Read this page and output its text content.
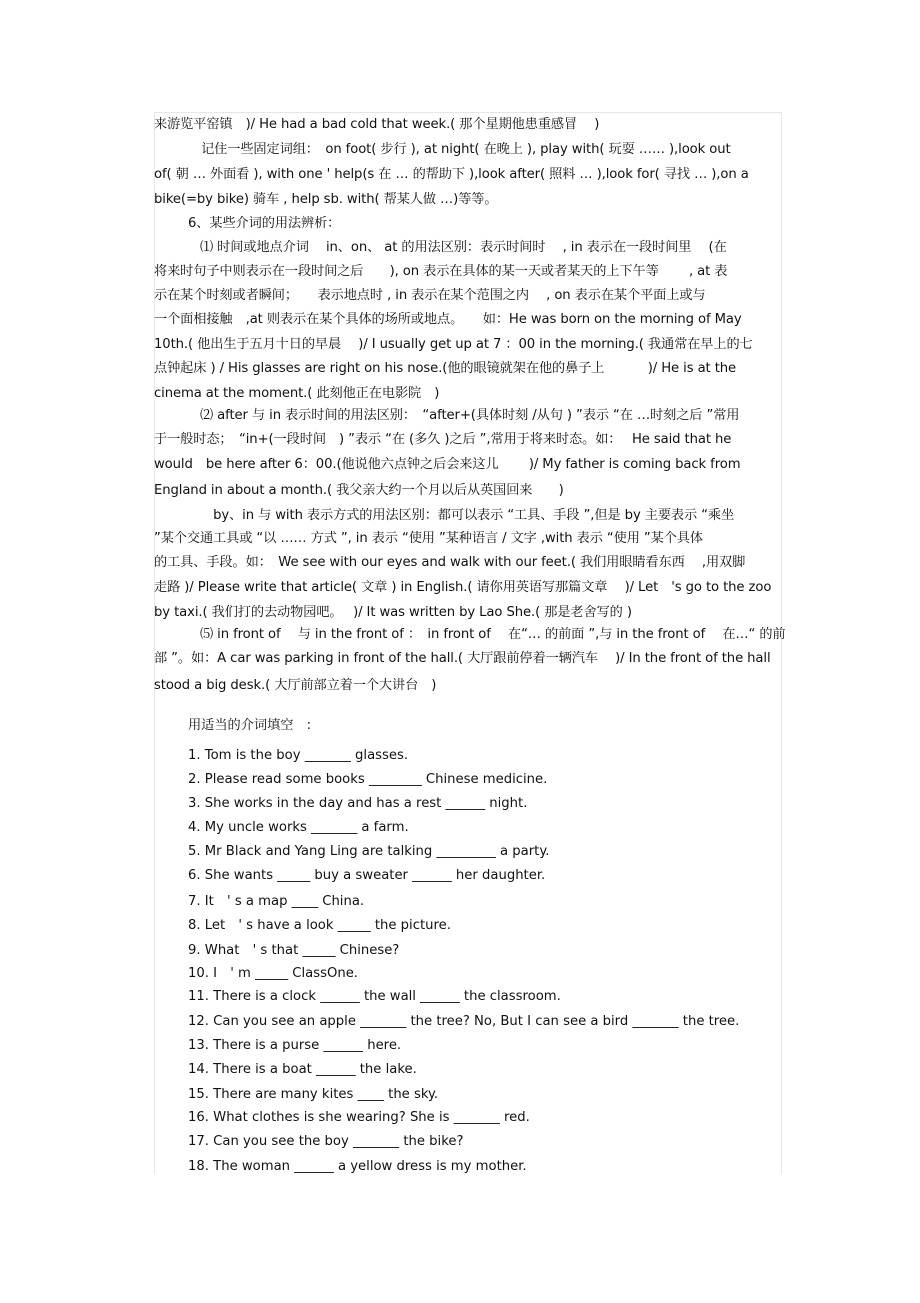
来游览平窑镇　)/ He had a bad cold that week.( 那个星期他患重感冒　 )
　记住一些固定词组：　on foot( 步行 ), at night( 在晚上 ), play with( 玩耍 …… ),look out
of( 朝 … 外面看 ), with one ' help(s 在 … 的帮助下 ),look after( 照料 … ),look for( 寻找 … ),on a
bike(=by bike) 骑车 , help sb. with( 帮某人做 …)等等。
6、某些介词的用法辨析：
⑴ 时间或地点介词　 in、on、 at 的用法区别：表示时间时　 , in 表示在一段时间里　 (在
将来时句子中则表示在一段时间之后　　), on 表示在具体的某一天或者某天的上下午等　　 , at 表
示在某个时刻或者瞬间；　　表示地点时 , in 表示在某个范围之内　 , on 表示在某个平面上或与
一个面相接触　,at 则表示在某个具体的场所或地点。　　如：He was born on the morning of May
10th.( 他出生于五月十日的早晨　 )/ I usually get up at 7 ：00 in the morning.( 我通常在早上的七
点钟起床 ) / His glasses are right on his nose.(他的眼镜就架在他的鼻子上　　　 )/ He is at the
cinema at the moment.( 此刻他正在电影院　)
⑵ after 与 in 表示时间的用法区别：　“after+(具体时刻 /从句 ) ”表示 “在 …时刻之后 ”常用
于一般时态；　“in+(一段时间　) ”表示 “在 (多久 )之后 ”,常用于将来时态。如：　 He said that he
would　be here after 6：00.(他说他六点钟之后会来这儿　　 )/ My father is coming back from
England in about a month.( 我父亲大约一个月以后从英国回来　　)
　by、in 与 with 表示方式的用法区别：都可以表示 “工具、手段 ”,但是 by 主要表示 “乘坐
”某个交通工具或 “以 …… 方式 ”, in 表示 “使用 ”某种语言 / 文字 ,with 表示 “使用 ”某个具体
的工具、手段。如：　We see with our eyes and walk with our feet.( 我们用眼睛看东西　 ,用双脚
走路 )/ Please write that article( 文章 ) in English.( 请你用英语写那篇文章　 )/ Let　's go to the zoo
by taxi.( 我们打的去动物园吧。　 )/ It was written by Lao She.( 那是老舍写的 )
⑸ in front of　 与 in the front of ：　in front of　 在“… 的前面 ”,与 in the front of　 在…“ 的前
部 ”。如：A car was parking in front of the hall.( 大厅跟前停着一辆汽车　 )/ In the front of the hall
stood a big desk.( 大厅前部立着一个大讲台　)
用适当的介词填空　:
1. Tom is the boy _______ glasses.
2. Please read some books ________ Chinese medicine.
3. She works in the day and has a rest ______ night.
4. My uncle works _______ a farm.
5. Mr Black and Yang Ling are talking _________ a party.
6. She wants _____ buy a sweater ______ her daughter.
7. It　' s a map ____ China.
8. Let　' s have a look _____ the picture.
9. What　' s that _____ Chinese?
10. I　' m _____ ClassOne.
11. There is a clock ______ the wall ______ the classroom.
12. Can you see an apple _______ the tree? No, But I can see a bird _______ the tree.
13. There is a purse ______ here.
14. There is a boat ______ the lake.
15. There are many kites ____ the sky.
16. What clothes is she wearing? She is _______ red.
17. Can you see the boy _______ the bike?
18. The woman ______ a yellow dress is my mother.
